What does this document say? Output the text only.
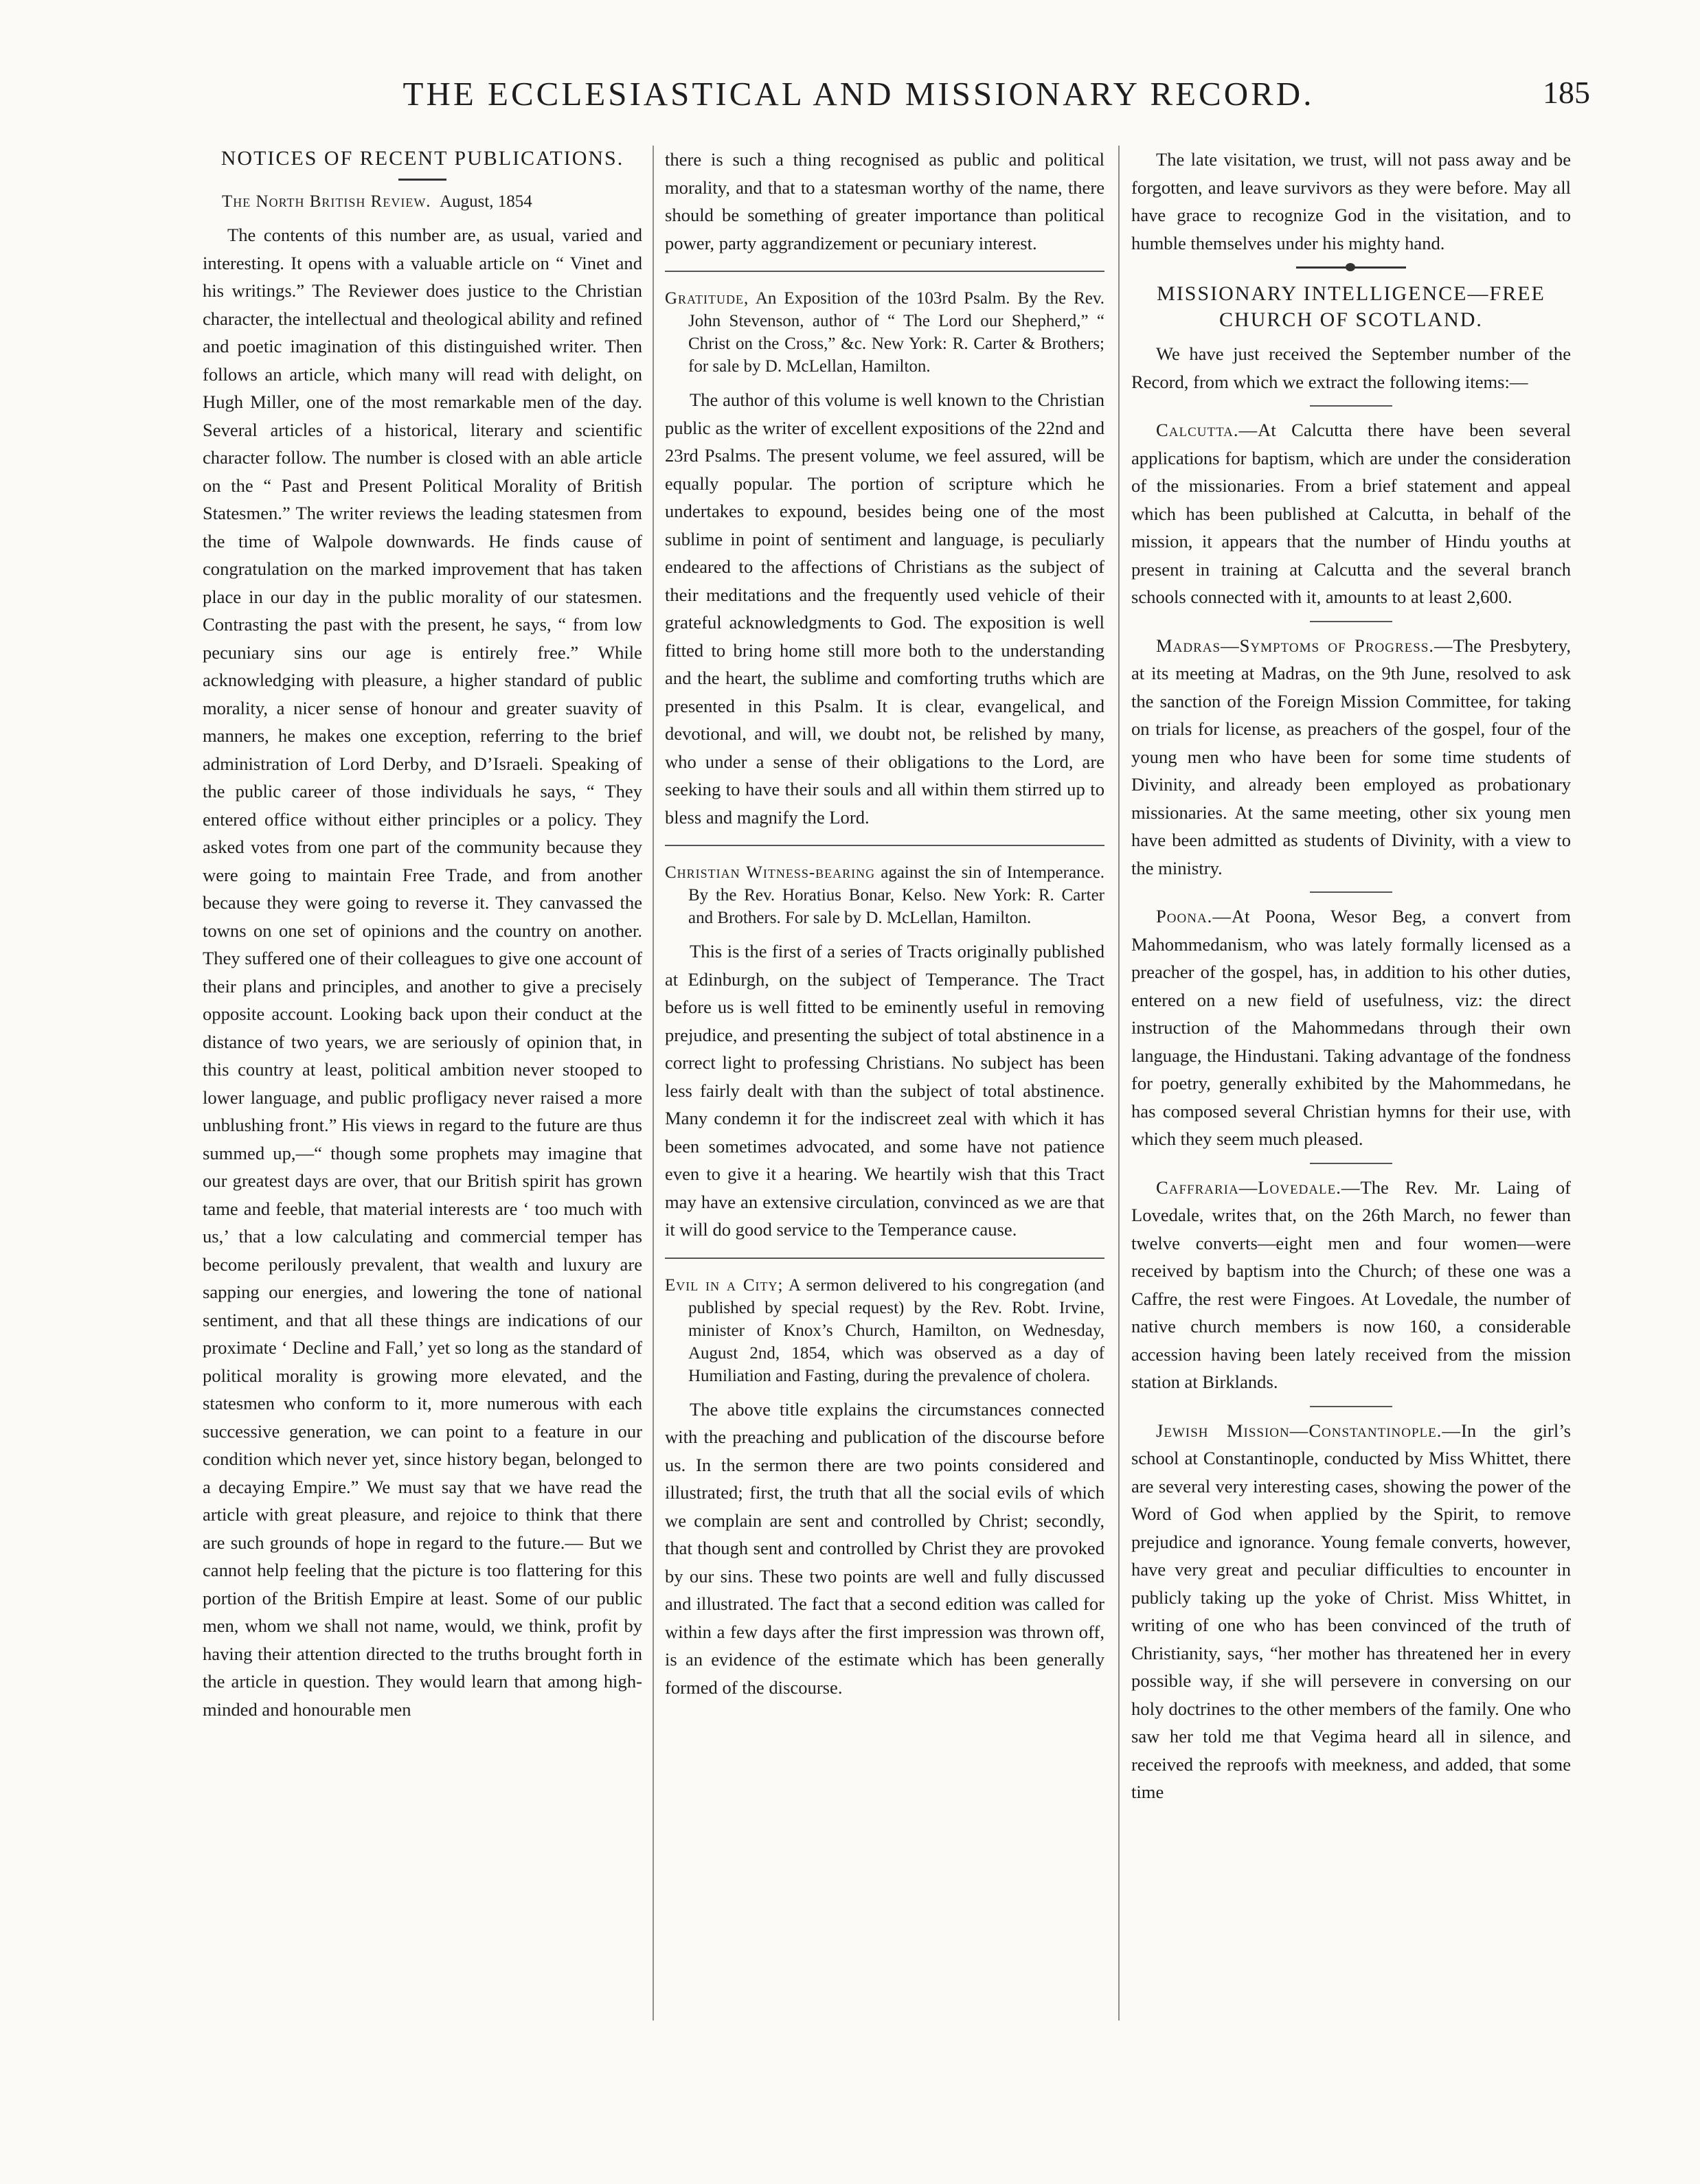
THE ECCLESIASTICAL AND MISSIONARY RECORD.	185
NOTICES OF RECENT PUBLICATIONS.

The North British Review. August, 1854

The contents of this number are, as usual, varied and interesting. It opens with a valuable article on “ Vinet and his writings.” The Reviewer does justice to the Christian character, the intellectual and theological ability and refined and poetic imagination of this distinguished writer. Then follows an article, which many will read with delight, on Hugh Miller, one of the most remarkable men of the day. Several articles of a historical, literary and scientific character follow. The number is closed with an able article on the “ Past and Present Political Morality of British Statesmen.” The writer reviews the leading statesmen from the time of Walpole downwards. He finds cause of congratulation on the marked improvement that has taken place in our day in the public morality of our statesmen. Contrasting the past with the present, he says, “ from low pecuniary sins our age is entirely free.” While acknowledging with pleasure, a higher standard of public morality, a nicer sense of honour and greater suavity of manners, he makes one exception, referring to the brief administration of Lord Derby, and D’Israeli. Speaking of the public career of those individuals he says, “ They entered office without either principles or a policy. They asked votes from one part of the community because they were going to maintain Free Trade, and from another because they were going to reverse it. They canvassed the towns on one set of opinions and the country on another. They suffered one of their colleagues to give one account of their plans and principles, and another to give a precisely opposite account. Looking back upon their conduct at the distance of two years, we are seriously of opinion that, in this country at least, political ambition never stooped to lower language, and public profligacy never raised a more unblushing front.” His views in regard to the future are thus summed up,—“ though some prophets may imagine that our greatest days are over, that our British spirit has grown tame and feeble, that material interests are ‘ too much with us,’ that a low calculating and commercial temper has become perilously prevalent, that wealth and luxury are sapping our energies, and lowering the tone of national sentiment, and that all these things are indications of our proximate ‘ Decline and Fall,’ yet so long as the standard of political morality is growing more elevated, and the statesmen who conform to it, more numerous with each successive generation, we can point to a feature in our condition which never yet, since history began, belonged to a decaying Empire.” We must say that we have read the article with great pleasure, and rejoice to think that there are such grounds of hope in regard to the future.— But we cannot help feeling that the picture is too flattering for this portion of the British Empire at least. Some of our public men, whom we shall not name, would, we think, profit by having their attention directed to the truths brought forth in the article in question. They would learn that among high-minded and honourable men

there is such a thing recognised as public and political morality, and that to a statesman worthy of the name, there should be something of greater importance than political power, party aggrandizement or pecuniary interest.

Gratitude, An Exposition of the 103rd Psalm. By the Rev. John Stevenson, author of “ The Lord our Shepherd,” “ Christ on the Cross,” &c. New York: R. Carter & Brothers; for sale by D. McLellan, Hamilton.

The author of this volume is well known to the Christian public as the writer of excellent expositions of the 22nd and 23rd Psalms. The present volume, we feel assured, will be equally popular. The portion of scripture which he undertakes to expound, besides being one of the most sublime in point of sentiment and language, is peculiarly endeared to the affections of Christians as the subject of their meditations and the frequently used vehicle of their grateful acknowledgments to God. The exposition is well fitted to bring home still more both to the understanding and the heart, the sublime and comforting truths which are presented in this Psalm. It is clear, evangelical, and devotional, and will, we doubt not, be relished by many, who under a sense of their obligations to the Lord, are seeking to have their souls and all within them stirred up to bless and magnify the Lord.

Christian Witness-bearing against the sin of Intemperance. By the Rev. Horatius Bonar, Kelso. New York: R. Carter and Brothers. For sale by D. McLellan, Hamilton.

This is the first of a series of Tracts originally published at Edinburgh, on the subject of Temperance. The Tract before us is well fitted to be eminently useful in removing prejudice, and presenting the subject of total abstinence in a correct light to professing Christians. No subject has been less fairly dealt with than the subject of total abstinence. Many condemn it for the indiscreet zeal with which it has been sometimes advocated, and some have not patience even to give it a hearing. We heartily wish that this Tract may have an extensive circulation, convinced as we are that it will do good service to the Temperance cause.

Evil in a City; A sermon delivered to his congregation (and published by special request) by the Rev. Robt. Irvine, minister of Knox’s Church, Hamilton, on Wednesday, August 2nd, 1854, which was observed as a day of Humiliation and Fasting, during the prevalence of cholera.

The above title explains the circumstances connected with the preaching and publication of the discourse before us. In the sermon there are two points considered and illustrated; first, the truth that all the social evils of which we complain are sent and controlled by Christ; secondly, that though sent and controlled by Christ they are provoked by our sins. These two points are well and fully discussed and illustrated. The fact that a second edition was called for within a few days after the first impression was thrown off, is an evidence of the estimate which has been generally formed of the discourse.

The late visitation, we trust, will not pass away and be forgotten, and leave survivors as they were before. May all have grace to recognize God in the visitation, and to humble themselves under his mighty hand.

MISSIONARY INTELLIGENCE—FREE CHURCH OF SCOTLAND.

We have just received the September number of the Record, from which we extract the following items:—

Calcutta.—At Calcutta there have been several applications for baptism, which are under the consideration of the missionaries. From a brief statement and appeal which has been published at Calcutta, in behalf of the mission, it appears that the number of Hindu youths at present in training at Calcutta and the several branch schools connected with it, amounts to at least 2,600.

Madras—Symptoms of Progress.—The Presbytery, at its meeting at Madras, on the 9th June, resolved to ask the sanction of the Foreign Mission Committee, for taking on trials for license, as preachers of the gospel, four of the young men who have been for some time students of Divinity, and already been employed as probationary missionaries. At the same meeting, other six young men have been admitted as students of Divinity, with a view to the ministry.

Poona.—At Poona, Wesor Beg, a convert from Mahommedanism, who was lately formally licensed as a preacher of the gospel, has, in addition to his other duties, entered on a new field of usefulness, viz: the direct instruction of the Mahommedans through their own language, the Hindustani. Taking advantage of the fondness for poetry, generally exhibited by the Mahommedans, he has composed several Christian hymns for their use, with which they seem much pleased.

Caffraria—Lovedale.—The Rev. Mr. Laing of Lovedale, writes that, on the 26th March, no fewer than twelve converts—eight men and four women—were received by baptism into the Church; of these one was a Caffre, the rest were Fingoes. At Lovedale, the number of native church members is now 160, a considerable accession having been lately received from the mission station at Birklands.

Jewish Mission—Constantinople.—In the girl’s school at Constantinople, conducted by Miss Whittet, there are several very interesting cases, showing the power of the Word of God when applied by the Spirit, to remove prejudice and ignorance. Young female converts, however, have very great and peculiar difficulties to encounter in publicly taking up the yoke of Christ. Miss Whittet, in writing of one who has been convinced of the truth of Christianity, says, “her mother has threatened her in every possible way, if she will persevere in conversing on our holy doctrines to the other members of the family. One who saw her told me that Vegima heard all in silence, and received the reproofs with meekness, and added, that some time
